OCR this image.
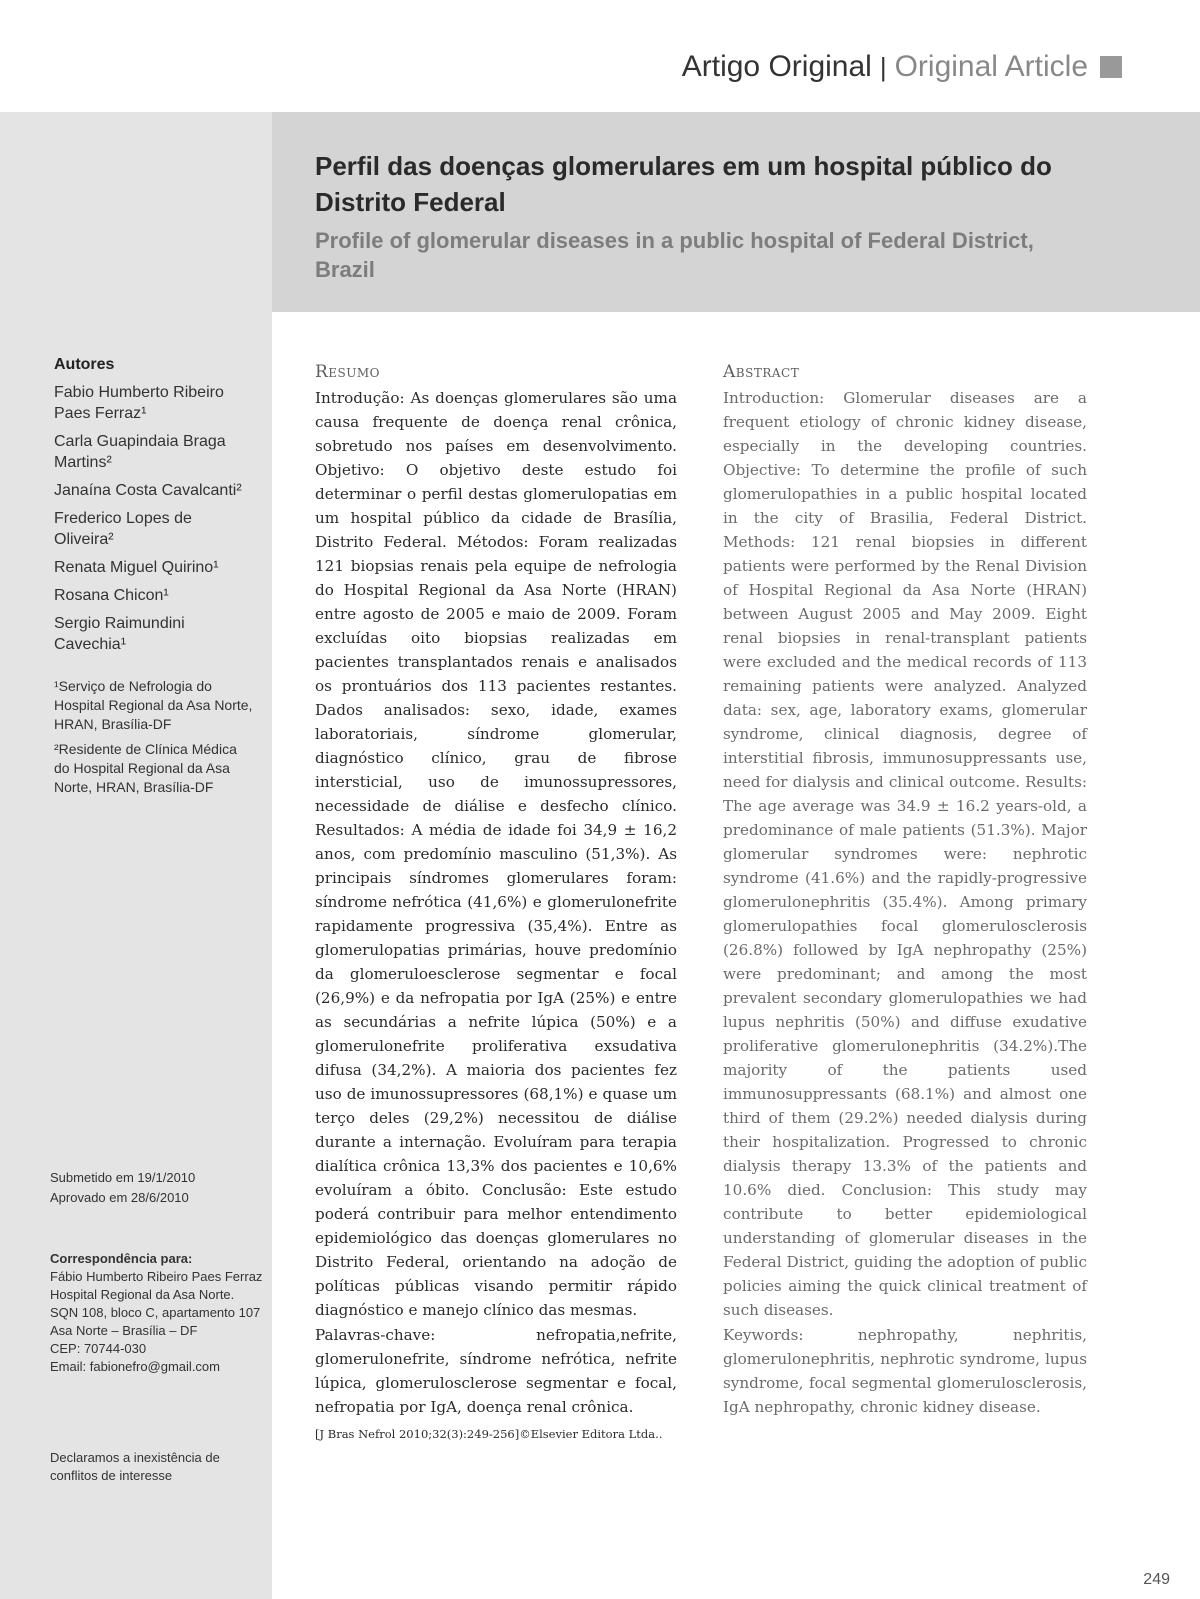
Artigo Original | Original Article
Perfil das doenças glomerulares em um hospital público do Distrito Federal
Profile of glomerular diseases in a public hospital of Federal District, Brazil
Autores
Fabio Humberto Ribeiro Paes Ferraz¹
Carla Guapindaia Braga Martins²
Janaína Costa Cavalcanti²
Frederico Lopes de Oliveira²
Renata Miguel Quirino¹
Rosana Chicon¹
Sergio Raimundini Cavechia¹
¹Serviço de Nefrologia do Hospital Regional da Asa Norte, HRAN, Brasília-DF
²Residente de Clínica Médica do Hospital Regional da Asa Norte, HRAN, Brasília-DF
Submetido em 19/1/2010
Aprovado em 28/6/2010
Correspondência para:
Fábio Humberto Ribeiro Paes Ferraz
Hospital Regional da Asa Norte. SQN 108, bloco C, apartamento 107
Asa Norte – Brasília – DF
CEP: 70744-030
Email: fabionefro@gmail.com
Declaramos a inexistência de conflitos de interesse
Resumo

Introdução: As doenças glomerulares são uma causa frequente de doença renal crônica, sobretudo nos países em desenvolvimento. Objetivo: O objetivo deste estudo foi determinar o perfil destas glomerulopatias em um hospital público da cidade de Brasília, Distrito Federal. Métodos: Foram realizadas 121 biopsias renais pela equipe de nefrologia do Hospital Regional da Asa Norte (HRAN) entre agosto de 2005 e maio de 2009. Foram excluídas oito biopsias realizadas em pacientes transplantados renais e analisados os prontuários dos 113 pacientes restantes. Dados analisados: sexo, idade, exames laboratoriais, síndrome glomerular, diagnóstico clínico, grau de fibrose intersticial, uso de imunossupressores, necessidade de diálise e desfecho clínico. Resultados: A média de idade foi 34,9 ± 16,2 anos, com predomínio masculino (51,3%). As principais síndromes glomerulares foram: síndrome nefrótica (41,6%) e glomerulonefrite rapidamente progressiva (35,4%). Entre as glomerulopatias primárias, houve predomínio da glomeruloesclerose segmentar e focal (26,9%) e da nefropatia por IgA (25%) e entre as secundárias a nefrite lúpica (50%) e a glomerulonefrite proliferativa exsudativa difusa (34,2%). A maioria dos pacientes fez uso de imunossupressores (68,1%) e quase um terço deles (29,2%) necessitou de diálise durante a internação. Evoluíram para terapia dialítica crônica 13,3% dos pacientes e 10,6% evoluíram a óbito. Conclusão: Este estudo poderá contribuir para melhor entendimento epidemiológico das doenças glomerulares no Distrito Federal, orientando na adoção de políticas públicas visando permitir rápido diagnóstico e manejo clínico das mesmas.

Palavras-chave: nefropatia,nefrite, glomerulonefrite, síndrome nefrótica, nefrite lúpica, glomerulosclerose segmentar e focal, nefropatia por IgA, doença renal crônica.

[J Bras Nefrol 2010;32(3):249-256]©Elsevier Editora Ltda..
Abstract

Introduction: Glomerular diseases are a frequent etiology of chronic kidney disease, especially in the developing countries. Objective: To determine the profile of such glomerulopathies in a public hospital located in the city of Brasilia, Federal District. Methods: 121 renal biopsies in different patients were performed by the Renal Division of Hospital Regional da Asa Norte (HRAN) between August 2005 and May 2009. Eight renal biopsies in renal-transplant patients were excluded and the medical records of 113 remaining patients were analyzed. Analyzed data: sex, age, laboratory exams, glomerular syndrome, clinical diagnosis, degree of interstitial fibrosis, immunosuppressants use, need for dialysis and clinical outcome. Results: The age average was 34.9 ± 16.2 years-old, a predominance of male patients (51.3%). Major glomerular syndromes were: nephrotic syndrome (41.6%) and the rapidly-progressive glomerulonephritis (35.4%). Among primary glomerulopathies focal glomerulosclerosis (26.8%) followed by IgA nephropathy (25%) were predominant; and among the most prevalent secondary glomerulopathies we had lupus nephritis (50%) and diffuse exudative proliferative glomerulonephritis (34.2%).The majority of the patients used immunosuppressants (68.1%) and almost one third of them (29.2%) needed dialysis during their hospitalization. Progressed to chronic dialysis therapy 13.3% of the patients and 10.6% died. Conclusion: This study may contribute to better epidemiological understanding of glomerular diseases in the Federal District, guiding the adoption of public policies aiming the quick clinical treatment of such diseases.

Keywords: nephropathy, nephritis, glomerulonephritis, nephrotic syndrome, lupus syndrome, focal segmental glomerulosclerosis, IgA nephropathy, chronic kidney disease.

249
